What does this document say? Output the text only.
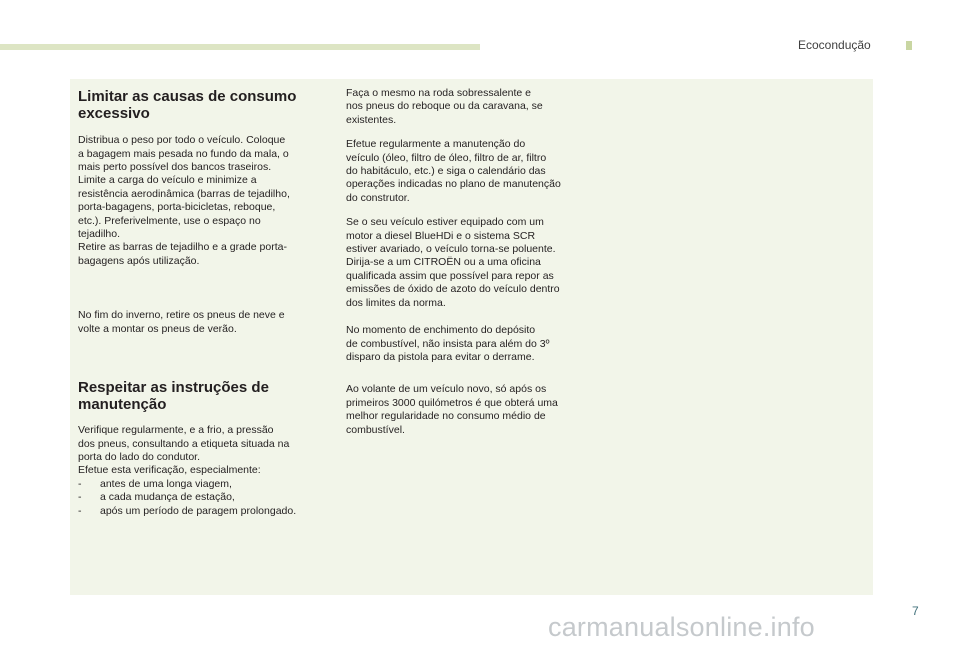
Ecocondução
Limitar as causas de consumo
excessivo

Distribua o peso por todo o veículo. Coloque
a bagagem mais pesada no fundo da mala, o
mais perto possível dos bancos traseiros.
Limite a carga do veículo e minimize a
resistência aerodinâmica (barras de tejadilho,
porta-bagagens, porta-bicicletas, reboque,
etc.). Preferivelmente, use o espaço no
tejadilho.
Retire as barras de tejadilho e a grade porta-
bagagens após utilização.

No fim do inverno, retire os pneus de neve e
volte a montar os pneus de verão.

Respeitar as instruções de
manutenção

Verifique regularmente, e a frio, a pressão
dos pneus, consultando a etiqueta situada na
porta do lado do condutor.
Efetue esta verificação, especialmente:

- antes de uma longa viagem,
- a cada mudança de estação,
- após um período de paragem prolongado.

Faça o mesmo na roda sobressalente e
nos pneus do reboque ou da caravana, se
existentes.

Efetue regularmente a manutenção do
veículo (óleo, filtro de óleo, filtro de ar, filtro
do habitáculo, etc.) e siga o calendário das
operações indicadas no plano de manutenção
do construtor.

Se o seu veículo estiver equipado com um
motor a diesel BlueHDi e o sistema SCR
estiver avariado, o veículo torna-se poluente.
Dirija-se a um CITROËN ou a uma oficina
qualificada assim que possível para repor as
emissões de óxido de azoto do veículo dentro
dos limites da norma.

No momento de enchimento do depósito
de combustível, não insista para além do 3º
disparo da pistola para evitar o derrame.

Ao volante de um veículo novo, só após os
primeiros 3000 quilómetros é que obterá uma
melhor regularidade no consumo médio de
combustível.

7
carmanualsonline.info
